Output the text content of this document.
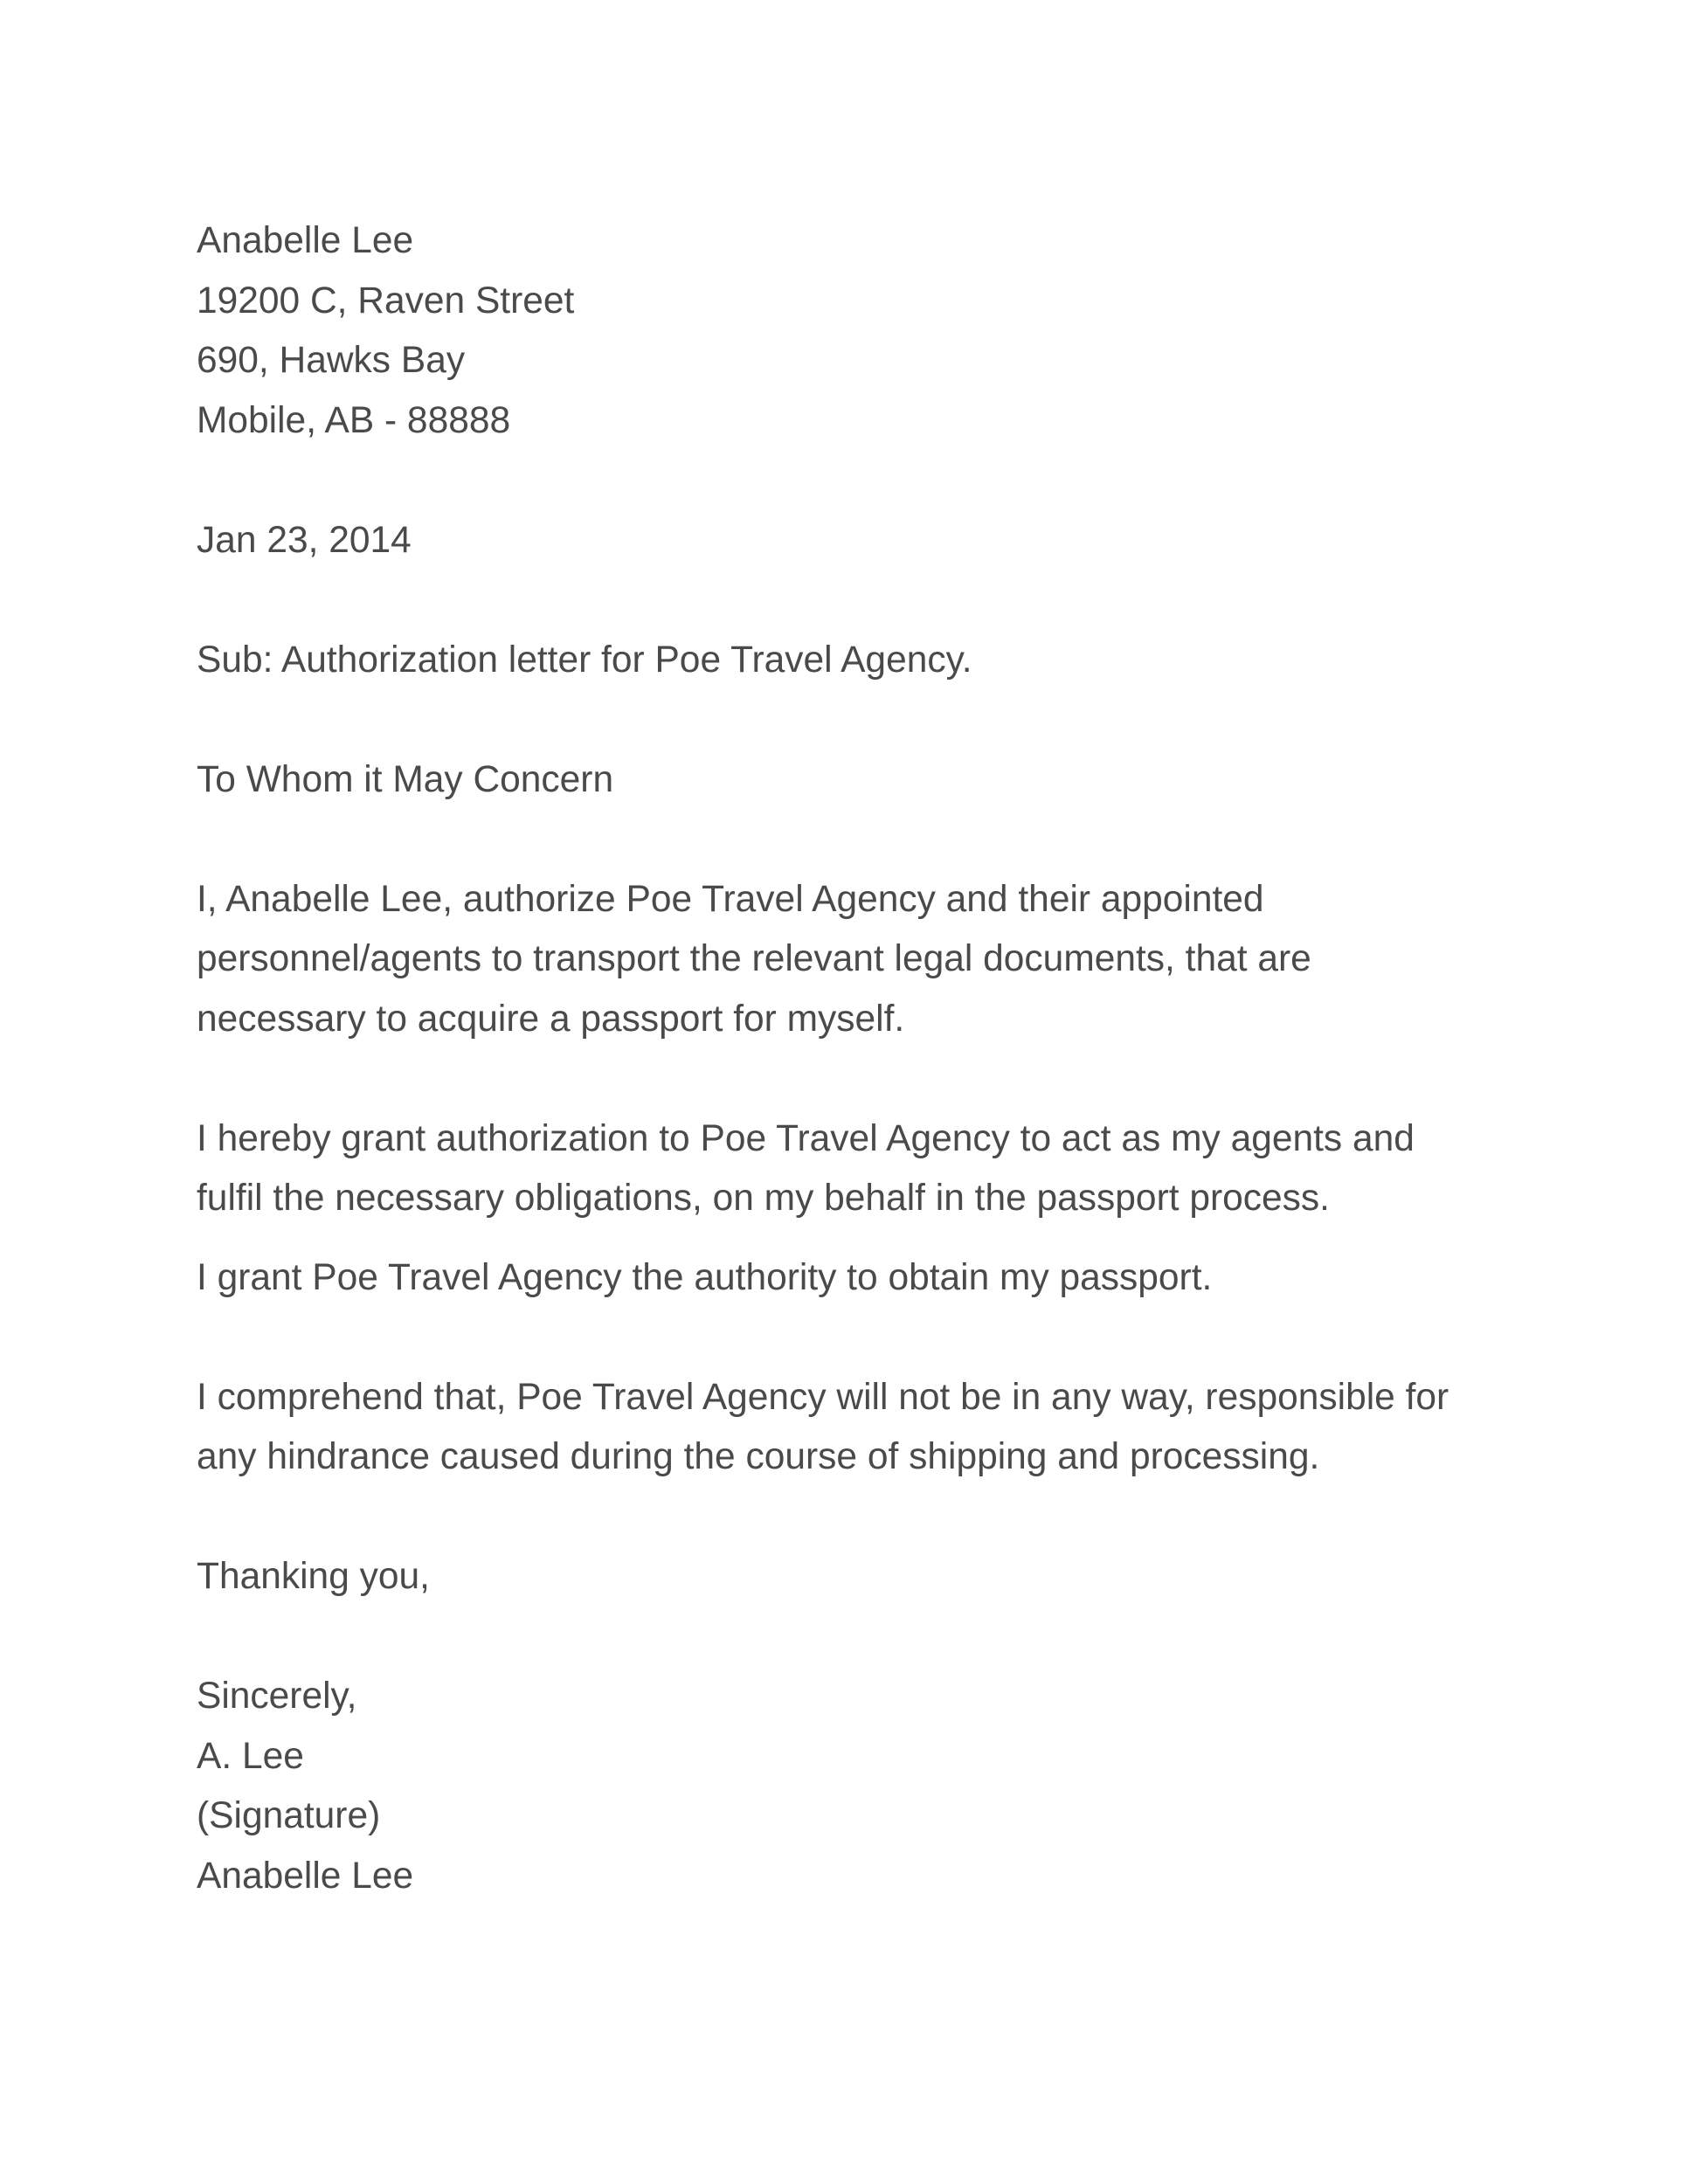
Anabelle Lee
19200 C, Raven Street
690, Hawks Bay
Mobile, AB - 88888
Jan 23, 2014
Sub: Authorization letter for Poe Travel Agency.
To Whom it May Concern
I, Anabelle Lee, authorize Poe Travel Agency and their appointed
personnel/agents to transport the relevant legal documents, that are
necessary to acquire a passport for myself.
I hereby grant authorization to Poe Travel Agency to act as my agents and
fulfil the necessary obligations, on my behalf in the passport process.
I grant Poe Travel Agency the authority to obtain my passport.
I comprehend that, Poe Travel Agency will not be in any way, responsible for
any hindrance caused during the course of shipping and processing.
Thanking you,
Sincerely,
A. Lee
(Signature)
Anabelle Lee
